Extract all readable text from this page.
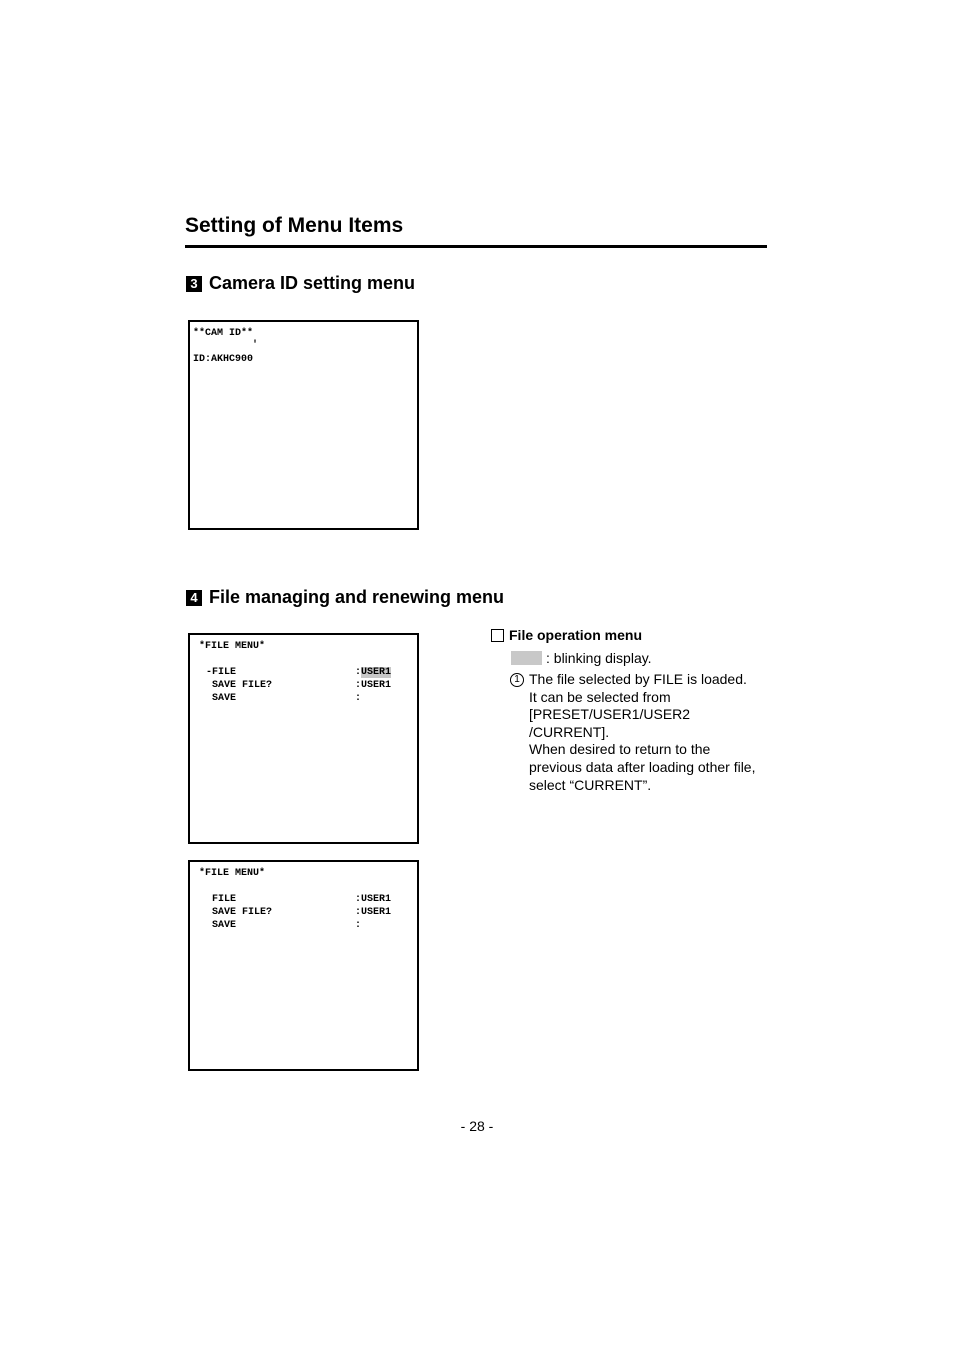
Setting of Menu Items
3 Camera ID setting menu
**CAM ID**
'
ID:AKHC900
4 File managing and renewing menu
*FILE MENU*
-FILE	:USER1
SAVE FILE?	:USER1
SAVE	:
*FILE MENU*
FILE	:USER1
SAVE FILE?	:USER1
SAVE	:
File operation menu
: blinking display.
1 The file selected by FILE is loaded.
It can be selected from
[PRESET/USER1/USER2
/CURRENT].
When desired to return to the
previous data after loading other file,
select “CURRENT”.
- 28 -
